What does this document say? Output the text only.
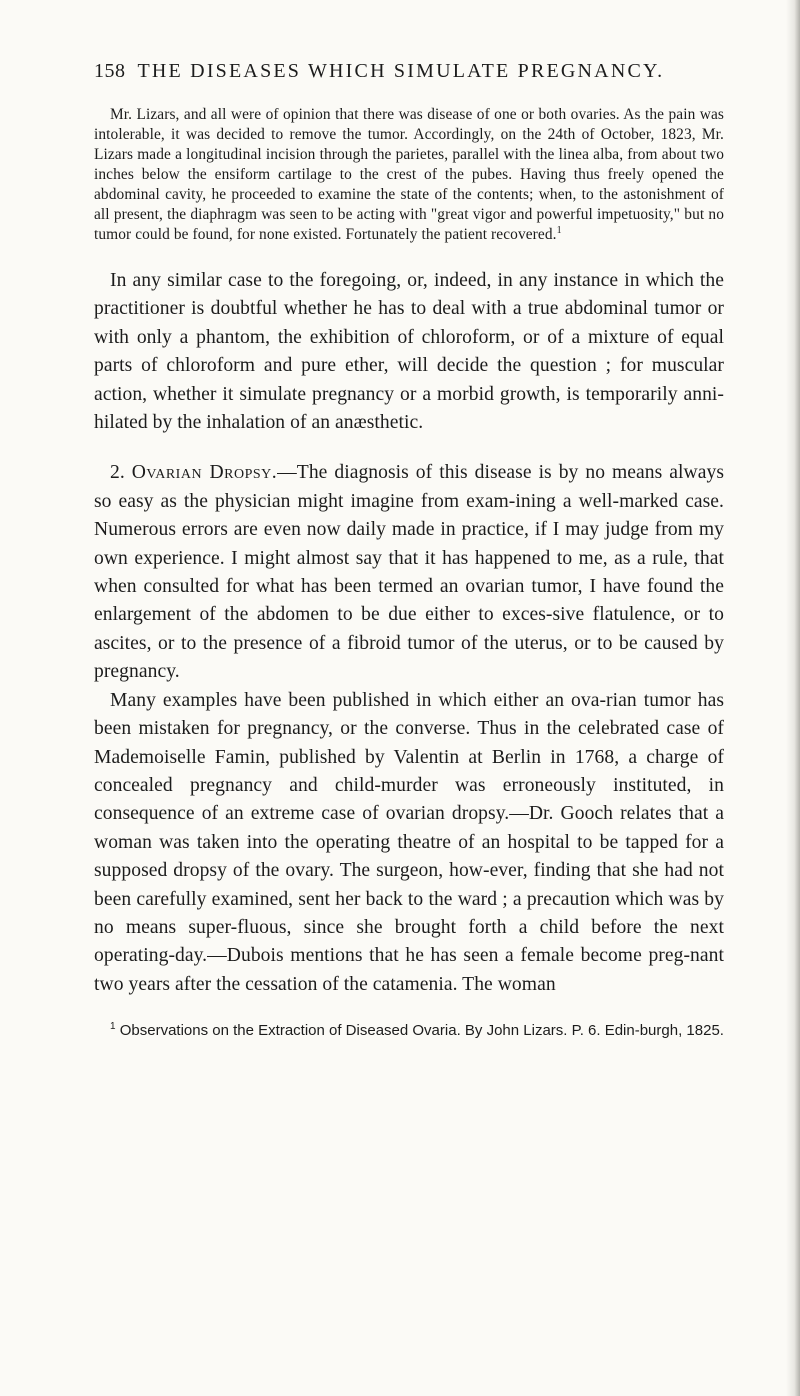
158 THE DISEASES WHICH SIMULATE PREGNANCY.

Mr. Lizars, and all were of opinion that there was disease of one or both ovaries. As the pain was intolerable, it was decided to remove the tumor. Accordingly, on the 24th of October, 1823, Mr. Lizars made a longitudinal incision through the parietes, parallel with the linea alba, from about two inches below the ensiform cartilage to the crest of the pubes. Having thus freely opened the abdominal cavity, he proceeded to examine the state of the contents; when, to the astonishment of all present, the diaphragm was seen to be acting with "great vigor and powerful impetuosity," but no tumor could be found, for none existed. Fortunately the patient recovered.$^1$

In any similar case to the foregoing, or, indeed, in any instance in which the practitioner is doubtful whether he has to deal with a true abdominal tumor or with only a phantom, the exhibition of chloroform, or of a mixture of equal parts of chloroform and pure ether, will decide the question ; for muscular action, whether it simulate pregnancy or a morbid growth, is temporarily anni-hilated by the inhalation of an anæsthetic.

2. Ovarian Dropsy.—The diagnosis of this disease is by no means always so easy as the physician might imagine from exam-ining a well-marked case. Numerous errors are even now daily made in practice, if I may judge from my own experience. I might almost say that it has happened to me, as a rule, that when consulted for what has been termed an ovarian tumor, I have found the enlargement of the abdomen to be due either to exces-sive flatulence, or to ascites, or to the presence of a fibroid tumor of the uterus, or to be caused by pregnancy.

Many examples have been published in which either an ova-rian tumor has been mistaken for pregnancy, or the converse. Thus in the celebrated case of Mademoiselle Famin, published by Valentin at Berlin in 1768, a charge of concealed pregnancy and child-murder was erroneously instituted, in consequence of an extreme case of ovarian dropsy.—Dr. Gooch relates that a woman was taken into the operating theatre of an hospital to be tapped for a supposed dropsy of the ovary. The surgeon, how-ever, finding that she had not been carefully examined, sent her back to the ward ; a precaution which was by no means super-fluous, since she brought forth a child before the next operating-day.—Dubois mentions that he has seen a female become preg-nant two years after the cessation of the catamenia. The woman

$^1$ Observations on the Extraction of Diseased Ovaria. By John Lizars. P. 6. Edin-burgh, 1825.
